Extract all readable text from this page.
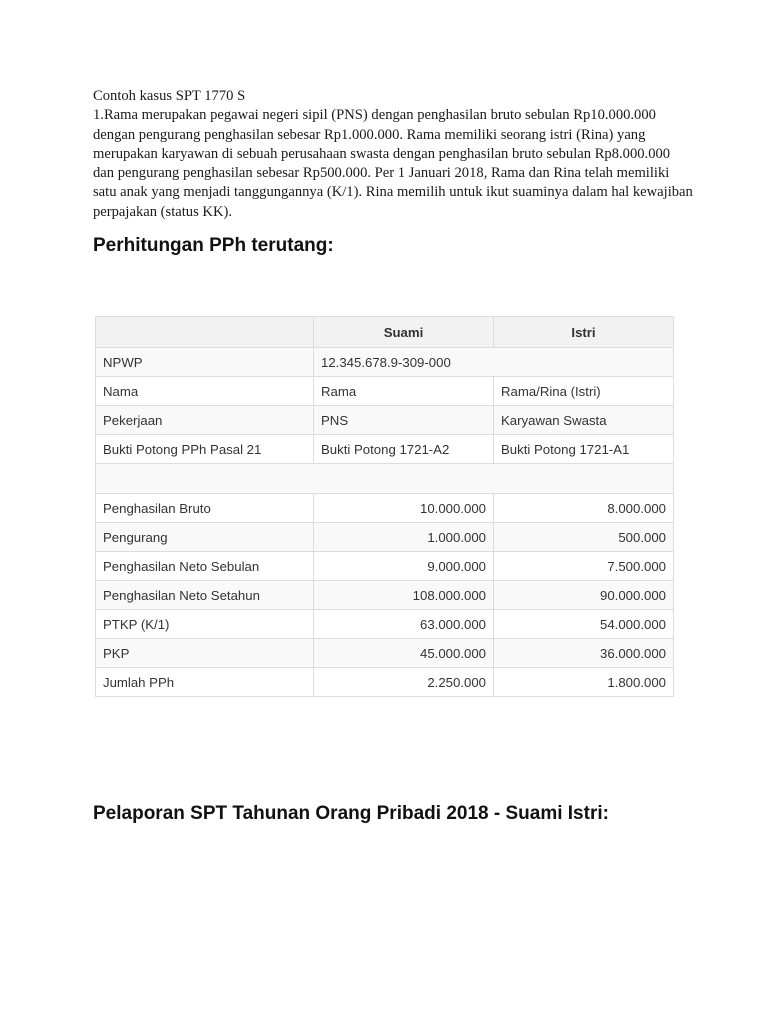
Contoh kasus SPT 1770 S

1.Rama merupakan pegawai negeri sipil (PNS) dengan penghasilan bruto sebulan Rp10.000.000 dengan pengurang penghasilan sebesar Rp1.000.000. Rama memiliki seorang istri (Rina) yang merupakan karyawan di sebuah perusahaan swasta dengan penghasilan bruto sebulan Rp8.000.000 dan pengurang penghasilan sebesar Rp500.000. Per 1 Januari 2018, Rama dan Rina telah memiliki satu anak yang menjadi tanggungannya (K/1). Rina memilih untuk ikut suaminya dalam hal kewajiban perpajakan (status KK).

Perhitungan PPh terutang:
	Suami	Istri
NPWP	12.345.678.9-309-000	
Nama	Rama	Rama/Rina (Istri)
Pekerjaan	PNS	Karyawan Swasta
Bukti Potong PPh Pasal 21	Bukti Potong 1721-A2	Bukti Potong 1721-A1

Penghasilan Bruto	10.000.000	8.000.000
Pengurang	1.000.000	500.000
Penghasilan Neto Sebulan	9.000.000	7.500.000
Penghasilan Neto Setahun	108.000.000	90.000.000
PTKP (K/1)	63.000.000	54.000.000
PKP	45.000.000	36.000.000
Jumlah PPh	2.250.000	1.800.000
Pelaporan SPT Tahunan Orang Pribadi 2018 - Suami Istri:
